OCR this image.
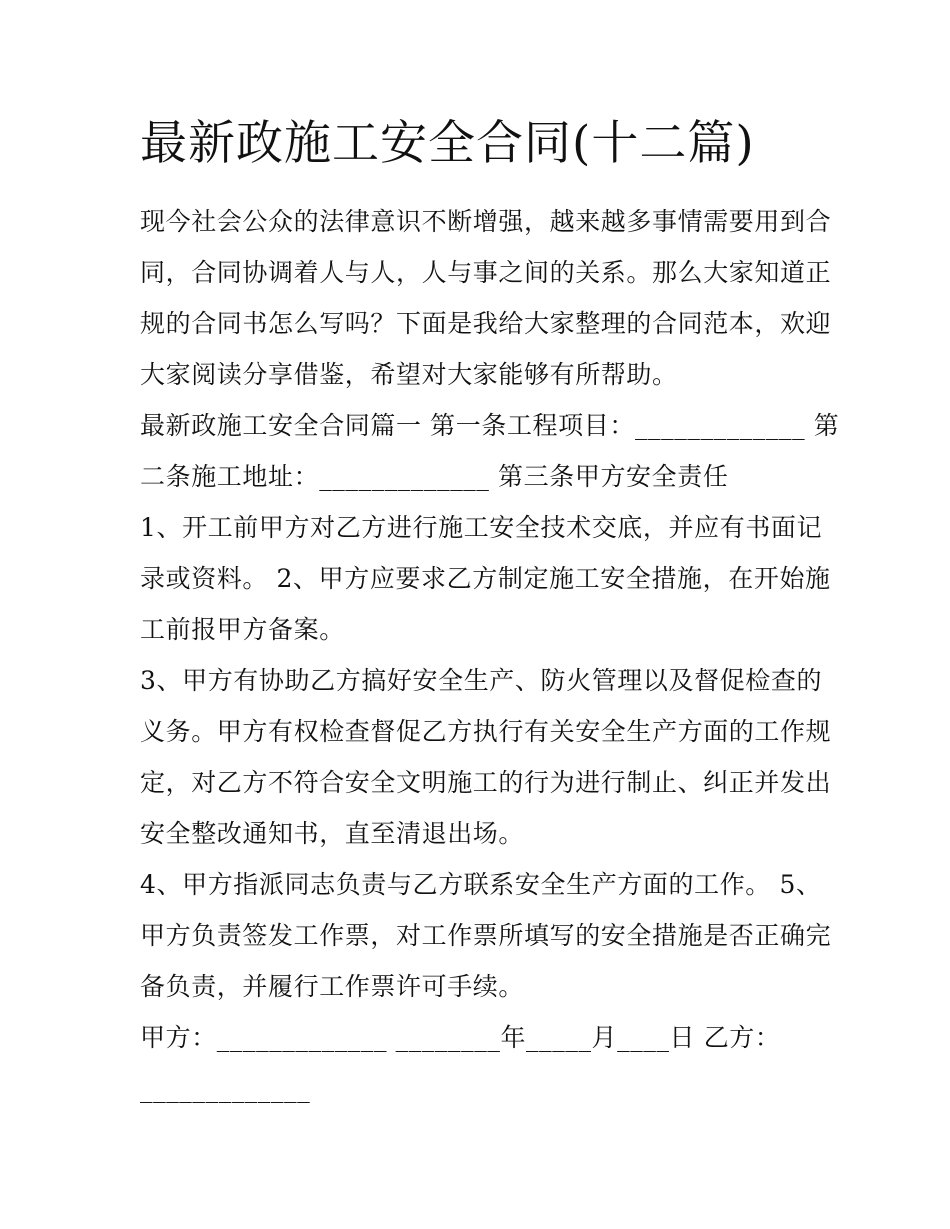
最新政施工安全合同(十二篇)
现今社会公众的法律意识不断增强，越来越多事情需要用到合
同，合同协调着人与人，人与事之间的关系。那么大家知道正
规的合同书怎么写吗？下面是我给大家整理的合同范本，欢迎
大家阅读分享借鉴，希望对大家能够有所帮助。
最新政施工安全合同篇一 第一条工程项目：_____________ 第
二条施工地址：_____________ 第三条甲方安全责任
1、开工前甲方对乙方进行施工安全技术交底，并应有书面记
录或资料。 2、甲方应要求乙方制定施工安全措施，在开始施
工前报甲方备案。
3、甲方有协助乙方搞好安全生产、防火管理以及督促检查的
义务。甲方有权检查督促乙方执行有关安全生产方面的工作规
定，对乙方不符合安全文明施工的行为进行制止、纠正并发出
安全整改通知书，直至清退出场。
4、甲方指派同志负责与乙方联系安全生产方面的工作。 5、
甲方负责签发工作票，对工作票所填写的安全措施是否正确完
备负责，并履行工作票许可手续。
甲方：_____________ ________年_____月____日 乙方：
_____________
